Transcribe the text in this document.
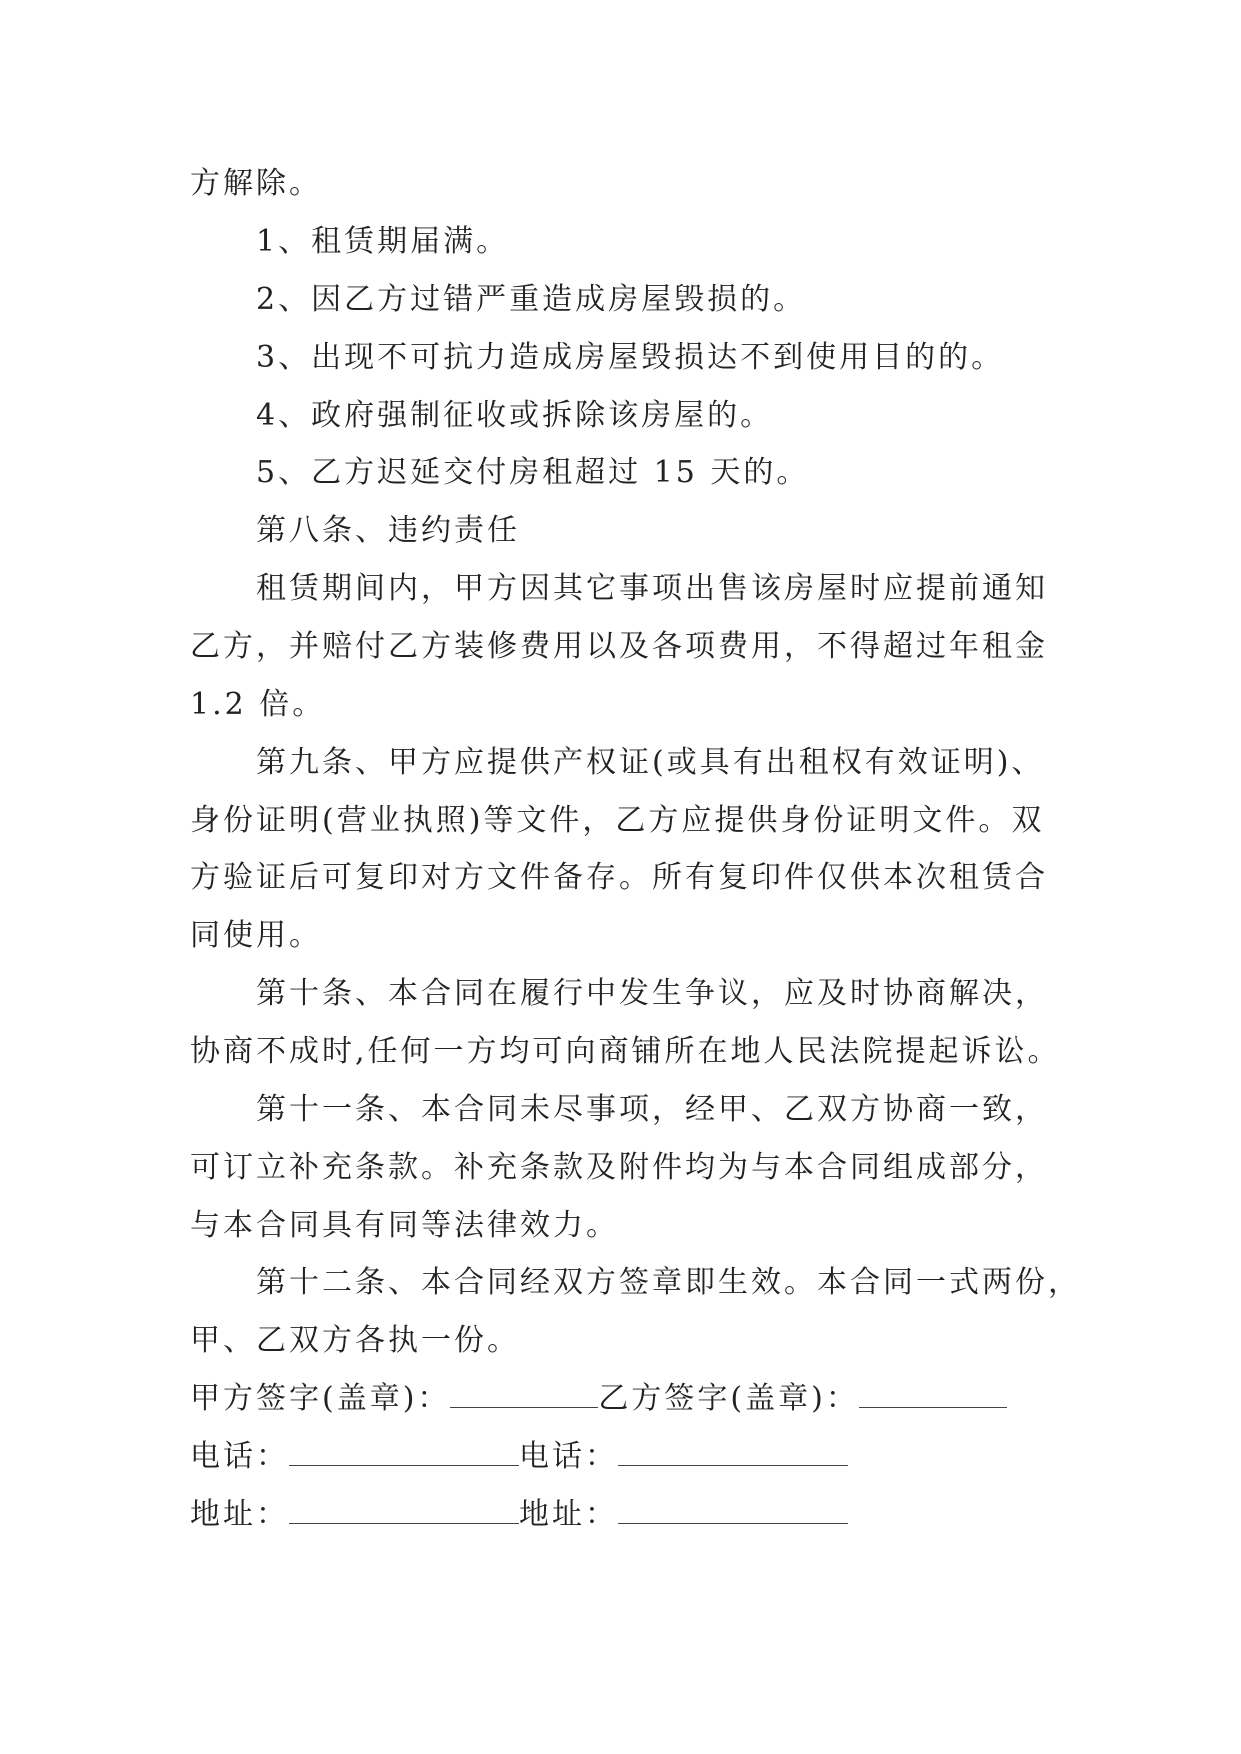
方解除。
1、租赁期届满。
2、因乙方过错严重造成房屋毁损的。
3、出现不可抗力造成房屋毁损达不到使用目的的。
4、政府强制征收或拆除该房屋的。
5、乙方迟延交付房租超过 15 天的。
第八条、违约责任
租赁期间内，甲方因其它事项出售该房屋时应提前通知
乙方，并赔付乙方装修费用以及各项费用，不得超过年租金
1.2 倍。
第九条、甲方应提供产权证(或具有出租权有效证明)、
身份证明(营业执照)等文件，乙方应提供身份证明文件。双
方验证后可复印对方文件备存。所有复印件仅供本次租赁合
同使用。
第十条、本合同在履行中发生争议，应及时协商解决，
协商不成时,任何一方均可向商铺所在地人民法院提起诉讼。
第十一条、本合同未尽事项，经甲、乙双方协商一致，
可订立补充条款。补充条款及附件均为与本合同组成部分，
与本合同具有同等法律效力。
第十二条、本合同经双方签章即生效。本合同一式两份，
甲、乙双方各执一份。
甲方签字(盖章)：	乙方签字(盖章)：
电话：	电话：
地址：	地址：
